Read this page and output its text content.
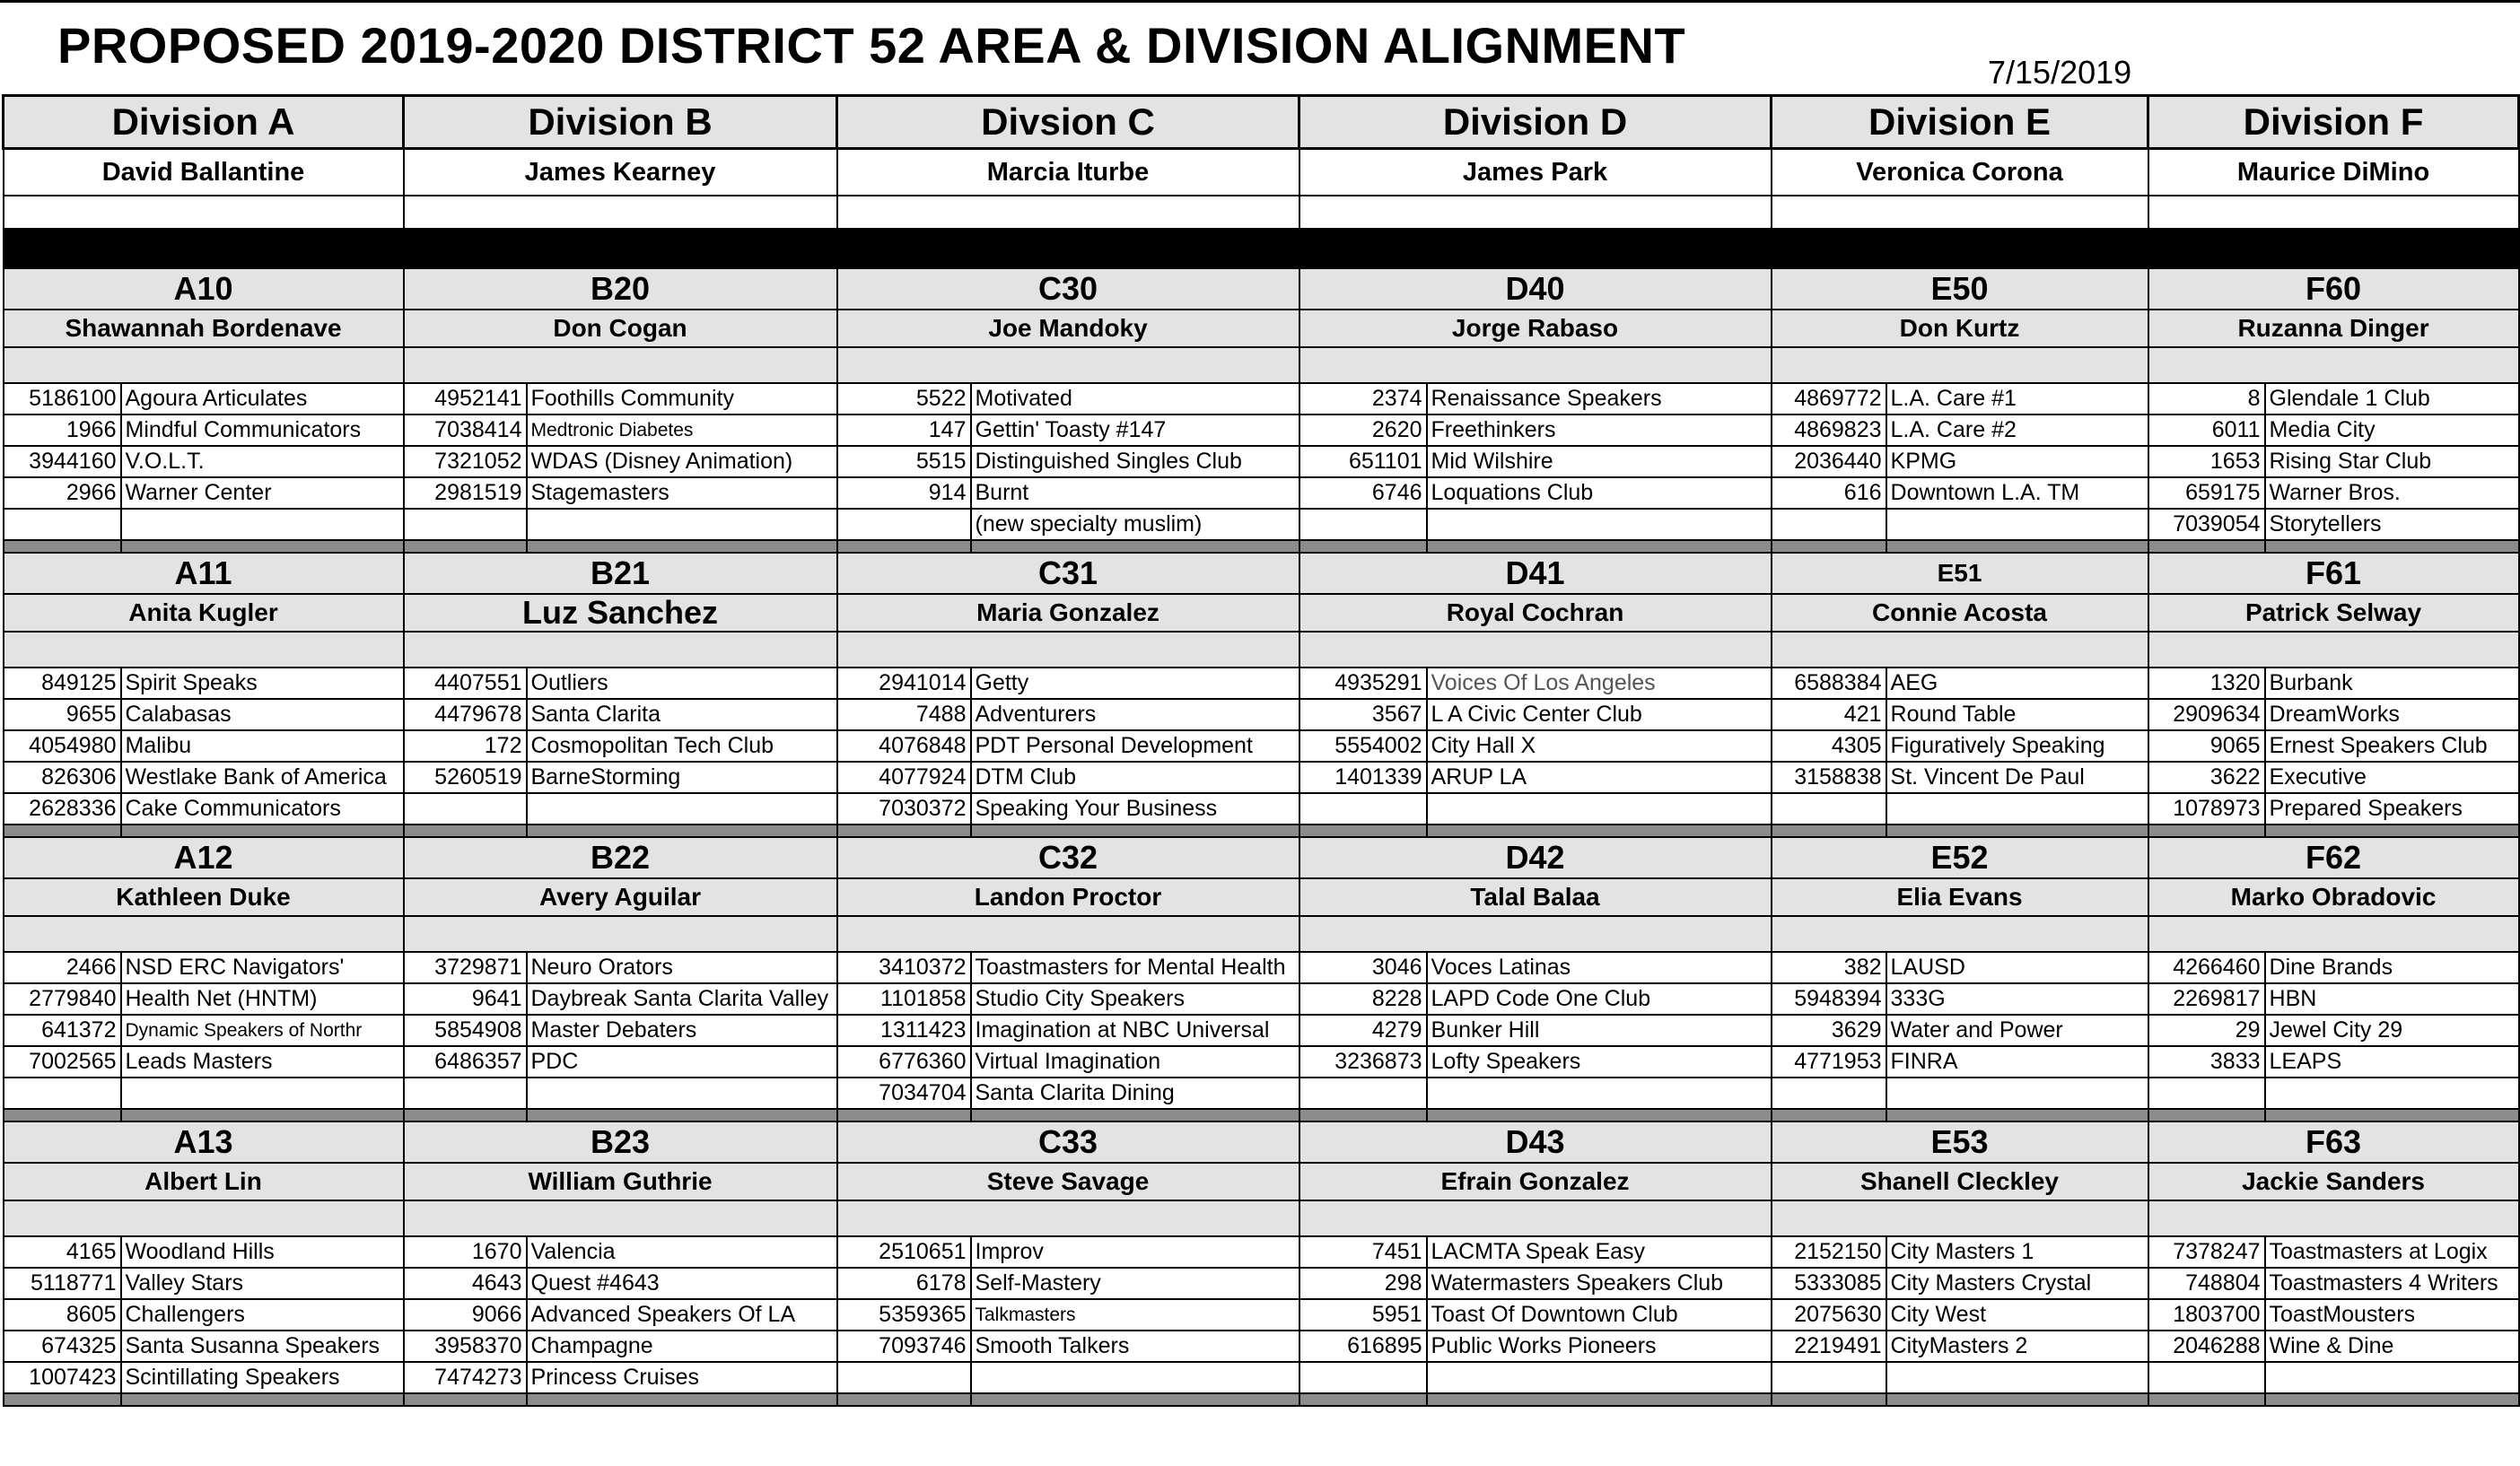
PROPOSED 2019-2020 DISTRICT 52 AREA & DIVISION ALIGNMENT	7/15/2019
Division A		Division B		Divsion C		Division D		Division E		Division F	
David Ballantine		James Kearney		Marcia Iturbe		James Park		Veronica Corona		Maurice DiMino	

A10		B20		C30		D40		E50		F60	
Shawannah Bordenave		Don Cogan		Joe Mandoky		Jorge Rabaso		Don Kurtz		Ruzanna Dinger	

5186100	Agoura Articulates	4952141	Foothills Community	5522	Motivated	2374	Renaissance Speakers	4869772	L.A. Care #1	8	Glendale 1 Club
1966	Mindful Communicators	7038414	Medtronic Diabetes	147	Gettin' Toasty #147	2620	Freethinkers	4869823	L.A. Care #2	6011	Media City
3944160	V.O.L.T.	7321052	WDAS (Disney Animation)	5515	Distinguished Singles Club	651101	Mid Wilshire	2036440	KPMG	1653	Rising Star Club
2966	Warner Center	2981519	Stagemasters	914	Burnt	6746	Loquations Club	616	Downtown L.A. TM	659175	Warner Bros.
					(new specialty muslim)					7039054	Storytellers

A11		B21		C31		D41		E51		F61	
Anita Kugler		Luz Sanchez		Maria Gonzalez		Royal Cochran		Connie Acosta		Patrick Selway	

849125	Spirit Speaks	4407551	Outliers	2941014	Getty	4935291	Voices Of Los Angeles	6588384	AEG	1320	Burbank
9655	Calabasas	4479678	Santa Clarita	7488	Adventurers	3567	L A Civic Center Club	421	Round Table	2909634	DreamWorks
4054980	Malibu	172	Cosmopolitan Tech Club	4076848	PDT Personal Development	5554002	City Hall X	4305	Figuratively Speaking	9065	Ernest Speakers Club
826306	Westlake Bank of America	5260519	BarneStorming	4077924	DTM Club	1401339	ARUP LA	3158838	St. Vincent De Paul	3622	Executive
2628336	Cake Communicators			7030372	Speaking Your Business					1078973	Prepared Speakers

A12		B22		C32		D42		E52		F62	
Kathleen Duke		Avery Aguilar		Landon Proctor		Talal Balaa		Elia Evans		Marko Obradovic	

2466	NSD ERC Navigators'	3729871	Neuro Orators	3410372	Toastmasters for Mental Health	3046	Voces Latinas	382	LAUSD	4266460	Dine Brands
2779840	Health Net (HNTM)	9641	Daybreak Santa Clarita Valley	1101858	Studio City Speakers	8228	LAPD Code One Club	5948394	333G	2269817	HBN
641372	Dynamic Speakers of Northr	5854908	Master Debaters	1311423	Imagination at NBC Universal	4279	Bunker Hill	3629	Water and Power	29	Jewel City 29
7002565	Leads Masters	6486357	PDC	6776360	Virtual Imagination	3236873	Lofty Speakers	4771953	FINRA	3833	LEAPS
				7034704	Santa Clarita Dining						

A13		B23		C33		D43		E53		F63	
Albert Lin		William Guthrie		Steve Savage		Efrain Gonzalez		Shanell Cleckley		Jackie Sanders	

4165	Woodland Hills	1670	Valencia	2510651	Improv	7451	LACMTA Speak Easy	2152150	City Masters 1	7378247	Toastmasters at Logix
5118771	Valley Stars	4643	Quest #4643	6178	Self-Mastery	298	Watermasters Speakers Club	5333085	City Masters Crystal	748804	Toastmasters 4 Writers
8605	Challengers	9066	Advanced Speakers Of LA	5359365	Talkmasters	5951	Toast Of Downtown Club	2075630	City West	1803700	ToastMousters
674325	Santa Susanna Speakers	3958370	Champagne	7093746	Smooth Talkers	616895	Public Works Pioneers	2219491	CityMasters 2	2046288	Wine & Dine
1007423	Scintillating Speakers	7474273	Princess Cruises								
